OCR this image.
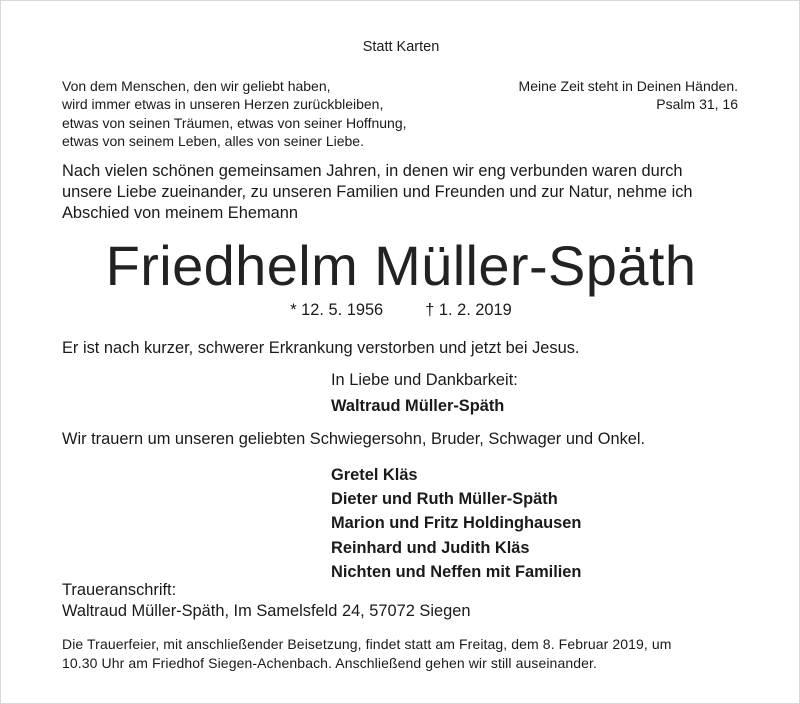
Statt Karten
Von dem Menschen, den wir geliebt haben,
wird immer etwas in unseren Herzen zurückbleiben,
etwas von seinen Träumen, etwas von seiner Hoffnung,
etwas von seinem Leben, alles von seiner Liebe.
Meine Zeit steht in Deinen Händen.
Psalm 31, 16
Nach vielen schönen gemeinsamen Jahren, in denen wir eng verbunden waren durch
unsere Liebe zueinander, zu unseren Familien und Freunden und zur Natur, nehme ich
Abschied von meinem Ehemann
Friedhelm Müller-Späth
* 12. 5. 1956	† 1. 2. 2019
Er ist nach kurzer, schwerer Erkrankung verstorben und jetzt bei Jesus.
In Liebe und Dankbarkeit:
Waltraud Müller-Späth
Wir trauern um unseren geliebten Schwiegersohn, Bruder, Schwager und Onkel.
Gretel Kläs
Dieter und Ruth Müller-Späth
Marion und Fritz Holdinghausen
Reinhard und Judith Kläs
Nichten und Neffen mit Familien
Traueranschrift:
Waltraud Müller-Späth, Im Samelsfeld 24, 57072 Siegen
Die Trauerfeier, mit anschließender Beisetzung, findet statt am Freitag, dem 8. Februar 2019, um
10.30 Uhr am Friedhof Siegen-Achenbach. Anschließend gehen wir still auseinander.
